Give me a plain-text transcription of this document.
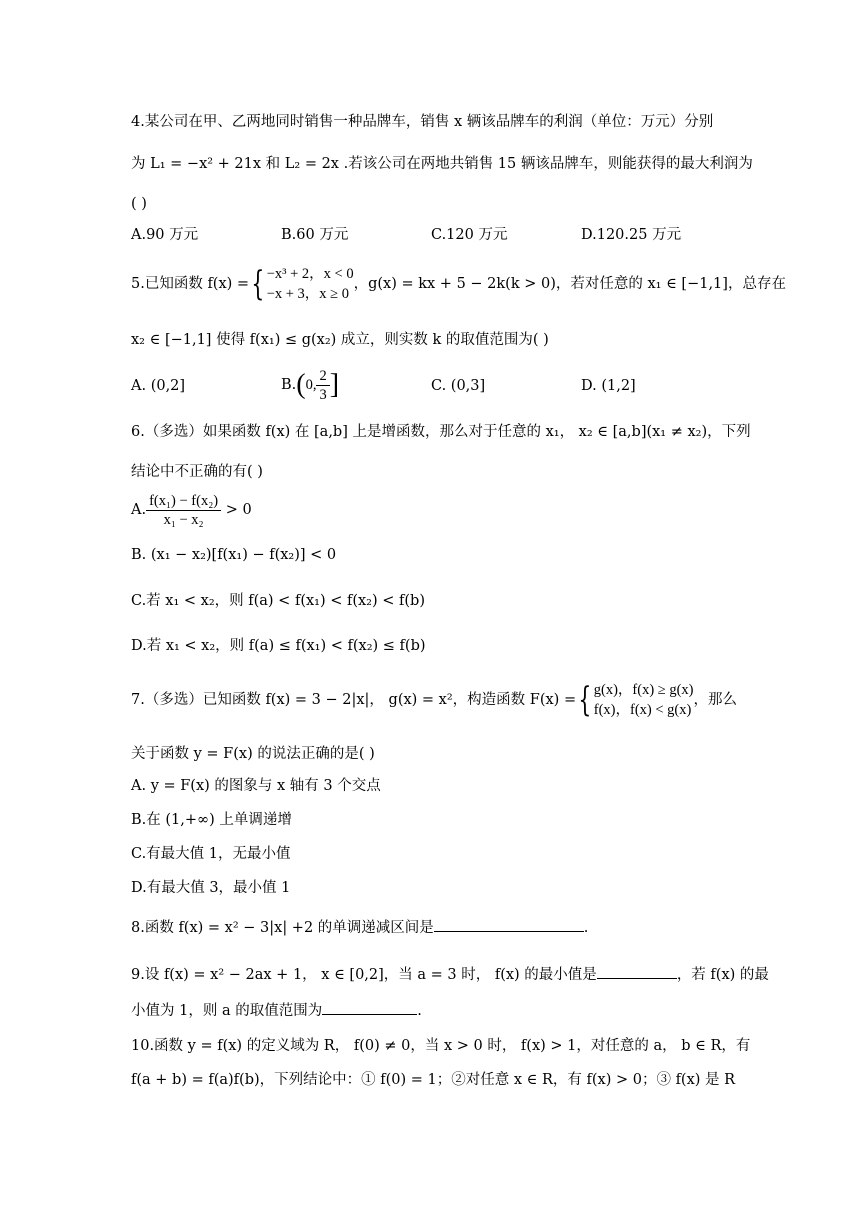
4.某公司在甲、乙两地同时销售一种品牌车，销售 x 辆该品牌车的利润（单位：万元）分别
为 L₁ = −x² + 21x 和 L₂ = 2x .若该公司在两地共销售 15 辆该品牌车，则能获得的最大利润为
( )
A.90 万元	B.60 万元	C.120 万元	D.120.25 万元
5.已知函数 f(x) ={ −x³ + 2，x < 0
−x + 3，x ≥ 0
，g(x) = kx + 5 − 2k(k > 0)，若对任意的 x₁ ∈ [−1,1]，总存在
x₂ ∈ [−1,1] 使得 f(x₁) ≤ g(x₂) 成立，则实数 k 的取值范围为( )
A. (0,2]	B.(0, $\frac{2}{3}$ ]	C. (0,3]	D. (1,2]
6.（多选）如果函数 f(x) 在 [a,b] 上是增函数，那么对于任意的 x₁， x₂ ∈ [a,b](x₁ ≠ x₂)，下列
结论中不正确的有( )
A. $\frac{\text{f(x₁) − f(x₂)}}{\text{x₁ − x₂}} > 0$
B. (x₁ − x₂)[f(x₁) − f(x₂)] < 0
C.若 x₁ < x₂，则 f(a) < f(x₁) < f(x₂) < f(b)
D.若 x₁ < x₂，则 f(a) ≤ f(x₁) < f(x₂) ≤ f(b)
7.（多选）已知函数 f(x) = 3 − 2|x|， g(x) = x²，构造函数 F(x) ={ g(x)，f(x) ≥ g(x)
f(x)，f(x) < g(x)
，那么
关于函数 y = F(x) 的说法正确的是( )
A. y = F(x) 的图象与 x 轴有 3 个交点
B.在 (1,+∞) 上单调递增
C.有最大值 1，无最小值
D.有最大值 3，最小值 1
8.函数 f(x) = x² − 3|x| +2 的单调递减区间是	.
9.设 f(x) = x² − 2ax + 1， x ∈ [0,2]，当 a = 3 时， f(x) 的最小值是	，若 f(x) 的最
小值为 1，则 a 的取值范围为	.
10.函数 y = f(x) 的定义域为 R， f(0) ≠ 0，当 x > 0 时， f(x) > 1，对任意的 a， b ∈ R，有
f(a + b) = f(a)f(b)，下列结论中：① f(0) = 1；②对任意 x ∈ R，有 f(x) > 0；③ f(x) 是 R
